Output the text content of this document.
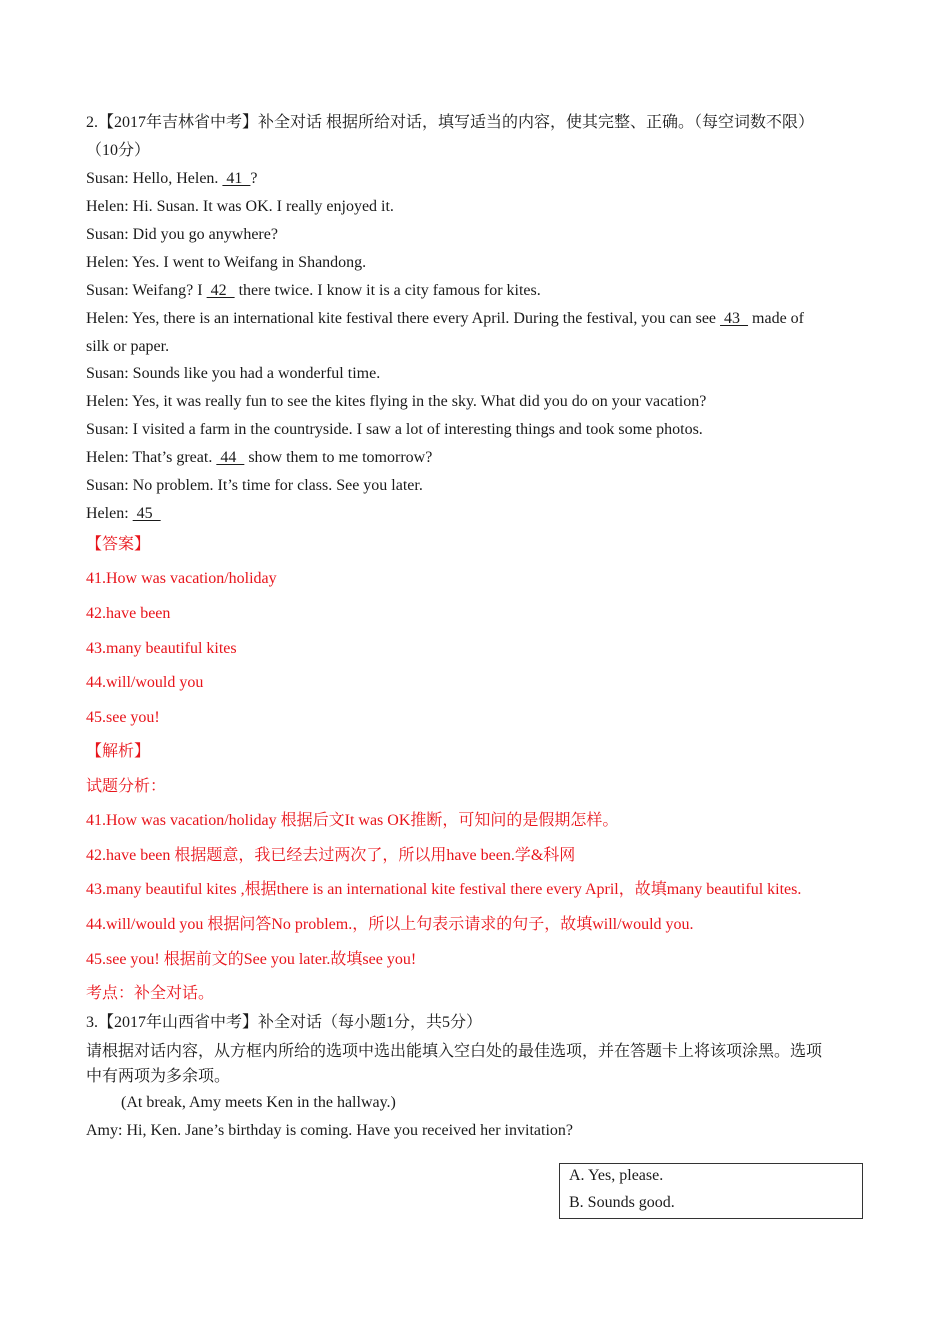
2.【2017年吉林省中考】补全对话 根据所给对话，填写适当的内容，使其完整、正确。（每空词数不限）
（10分）
Susan: Hello, Helen.  41  ?
Helen: Hi. Susan. It was OK. I really enjoyed it.
Susan: Did you go anywhere?
Helen: Yes. I went to Weifang in Shandong.
Susan: Weifang? I  42   there twice. I know it is a city famous for kites.
Helen: Yes, there is an international kite festival there every April. During the festival, you can see  43   made of
silk or paper.
Susan: Sounds like you had a wonderful time.
Helen: Yes, it was really fun to see the kites flying in the sky. What did you do on your vacation?
Susan: I visited a farm in the countryside. I saw a lot of interesting things and took some photos.
Helen: That’s great.  44   show them to me tomorrow?
Susan: No problem. It’s time for class. See you later.
Helen:  45
【答案】
41.How was vacation/holiday
42.have been
43.many beautiful kites
44.will/would you
45.see you!
【解析】
试题分析：
41.How was vacation/holiday 根据后文It was OK推断，可知问的是假期怎样。
42.have been 根据题意，我已经去过两次了，所以用have been.学&科网
43.many beautiful kites ,根据there is an international kite festival there every April，故填many beautiful kites.
44.will/would you 根据问答No problem.，所以上句表示请求的句子，故填will/would you.
45.see you! 根据前文的See you later.故填see you!
考点：补全对话。
3.【2017年山西省中考】补全对话（每小题1分，共5分）
请根据对话内容，从方框内所给的选项中选出能填入空白处的最佳选项，并在答题卡上将该项涂黑。选项
中有两项为多余项。
(At break, Amy meets Ken in the hallway.)
Amy: Hi, Ken. Jane’s birthday is coming. Have you received her invitation?
A. Yes, please.
B. Sounds good.
